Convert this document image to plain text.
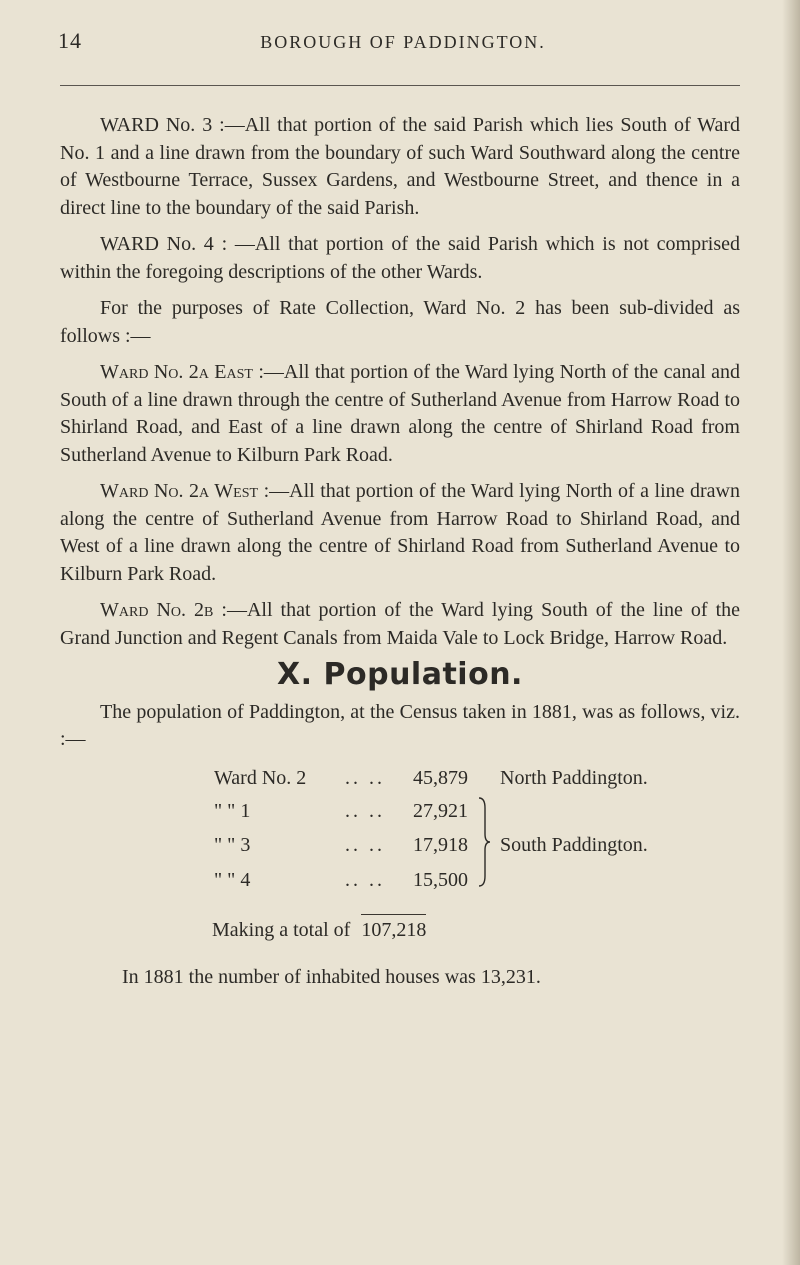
14	BOROUGH OF PADDINGTON.

WARD No. 3 :—All that portion of the said Parish which lies South of Ward No. 1 and a line drawn from the boundary of such Ward Southward along the centre of Westbourne Terrace, Sussex Gardens, and Westbourne Street, and thence in a direct line to the boundary of the said Parish.

WARD No. 4 : —All that portion of the said Parish which is not comprised within the foregoing descriptions of the other Wards.

For the purposes of Rate Collection, Ward No. 2 has been sub-divided as follows :—

Ward No. 2a East :—All that portion of the Ward lying North of the canal and South of a line drawn through the centre of Sutherland Avenue from Harrow Road to Shirland Road, and East of a line drawn along the centre of Shirland Road from Sutherland Avenue to Kilburn Park Road.

Ward No. 2a West :—All that portion of the Ward lying North of a line drawn along the centre of Sutherland Avenue from Harrow Road to Shirland Road, and West of a line drawn along the centre of Shirland Road from Sutherland Avenue to Kilburn Park Road.

Ward No. 2b :—All that portion of the Ward lying South of the line of the Grand Junction and Regent Canals from Maida Vale to Lock Bridge, Harrow Road.

X. Population.

The population of Paddington, at the Census taken in 1881, was as follows, viz. :—

Ward No. 2	.. ..	45,879		North Paddington.
" " 1	.. ..	27,921		South Paddington.
" " 3	.. ..	17,918		
" " 4	.. ..	15,500		
Making a total of 107,218
In 1881 the number of inhabited houses was 13,231.
